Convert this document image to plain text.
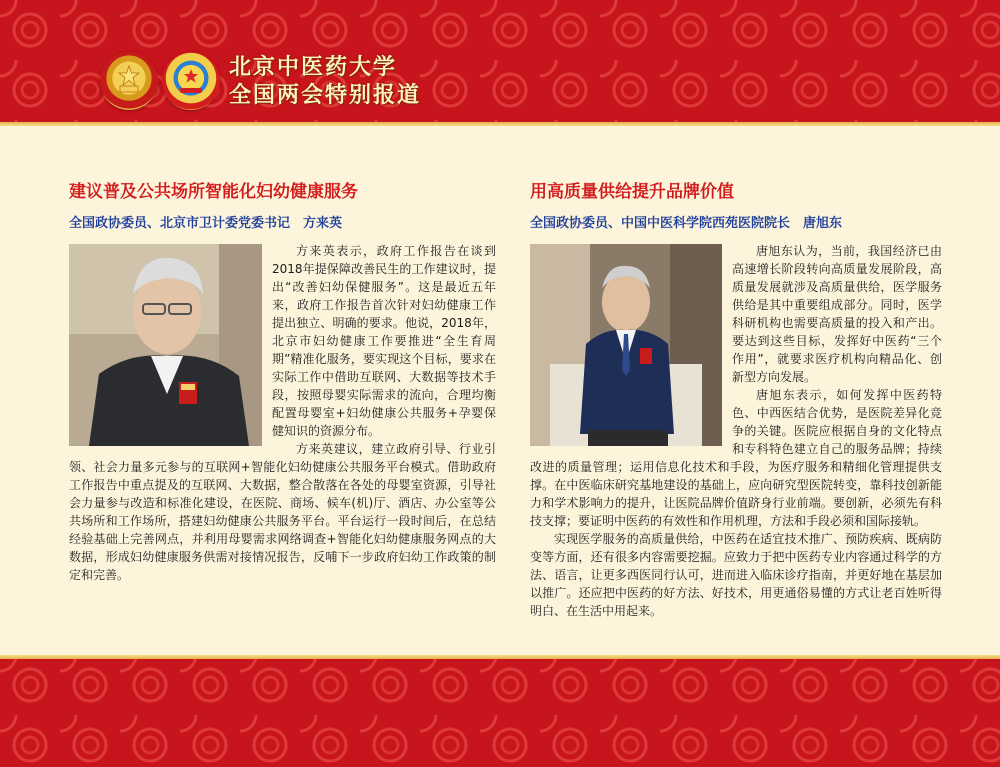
北京中医药大学
全国两会特别报道
建议普及公共场所智能化妇幼健康服务
全国政协委员、北京市卫计委党委书记　方来英

方来英表示，政府工作报告在谈到2018年提保障改善民生的工作建议时，提出“改善妇幼保健服务”。这是最近五年来，政府工作报告首次针对妇幼健康工作提出独立、明确的要求。他说，2018年，北京市妇幼健康工作要推进“全生育周期”精准化服务，要实现这个目标，要求在实际工作中借助互联网、大数据等技术手段，按照母婴实际需求的流向，合理均衡配置母婴室+妇幼健康公共服务+孕婴保健知识的资源分布。

方来英建议，建立政府引导、行业引领、社会力量多元参与的互联网+智能化妇幼健康公共服务平台模式。借助政府工作报告中重点提及的互联网、大数据，整合散落在各处的母婴室资源，引导社会力量参与改造和标准化建设，在医院、商场、候车(机)厅、酒店、办公室等公共场所和工作场所，搭建妇幼健康公共服务平台。平台运行一段时间后，在总结经验基础上完善网点，并利用母婴需求网络调查+智能化妇幼健康服务网点的大数据，形成妇幼健康服务供需对接情况报告，反哺下一步政府妇幼工作政策的制定和完善。

用高质量供给提升品牌价值
全国政协委员、中国中医科学院西苑医院院长　唐旭东

唐旭东认为，当前，我国经济已由高速增长阶段转向高质量发展阶段，高质量发展就涉及高质量供给，医学服务供给是其中重要组成部分。同时，医学科研机构也需要高质量的投入和产出。要达到这些目标，发挥好中医药“三个作用”，就要求医疗机构向精品化、创新型方向发展。

唐旭东表示，如何发挥中医药特色、中西医结合优势，是医院差异化竞争的关键。医院应根据自身的文化特点和专科特色建立自己的服务品牌；持续改进的质量管理；运用信息化技术和手段，为医疗服务和精细化管理提供支撑。在中医临床研究基地建设的基础上，应向研究型医院转变，靠科技创新能力和学术影响力的提升，让医院品牌价值跻身行业前端。要创新，必须先有科技支撑；要证明中医药的有效性和作用机理，方法和手段必须和国际接轨。

实现医学服务的高质量供给，中医药在适宜技术推广、预防疾病、既病防变等方面，还有很多内容需要挖掘。应致力于把中医药专业内容通过科学的方法、语言，让更多西医同行认可，进而进入临床诊疗指南，并更好地在基层加以推广。还应把中医药的好方法、好技术，用更通俗易懂的方式让老百姓听得明白、在生活中用起来。
